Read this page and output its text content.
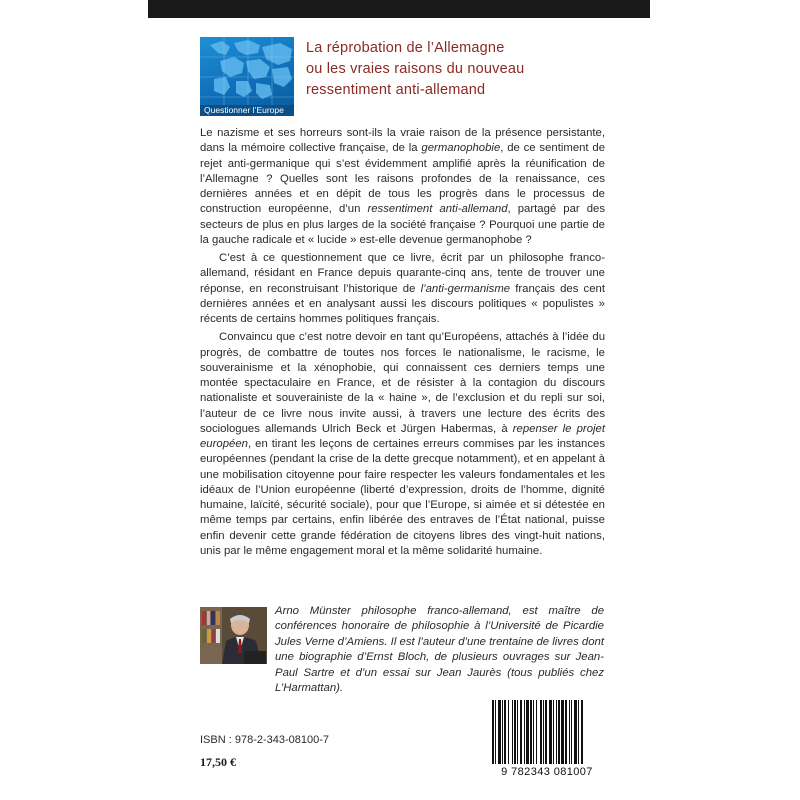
Questionner l’Europe
La réprobation de l’Allemagne
ou les vraies raisons du nouveau
ressentiment anti-allemand

Le nazisme et ses horreurs sont-ils la vraie raison de la présence persistante, dans la mémoire collective française, de la germanophobie, de ce sentiment de rejet anti-germanique qui s’est évidemment amplifié après la réunification de l’Allemagne ? Quelles sont les raisons profondes de la renaissance, ces dernières années et en dépit de tous les progrès dans le processus de construction européenne, d’un ressentiment anti-allemand, partagé par des secteurs de plus en plus larges de la société française ? Pourquoi une partie de la gauche radicale et « lucide » est-elle devenue germanophobe ?

C’est à ce questionnement que ce livre, écrit par un philosophe franco-allemand, résidant en France depuis quarante-cinq ans, tente de trouver une réponse, en reconstruisant l’historique de l’anti-germanisme français des cent dernières années et en analysant aussi les discours politiques « populistes » récents de certains hommes politiques français.

Convaincu que c’est notre devoir en tant qu’Européens, attachés à l’idée du progrès, de combattre de toutes nos forces le nationalisme, le racisme, le souverainisme et la xénophobie, qui connaissent ces derniers temps une montée spectaculaire en France, et de résister à la contagion du discours nationaliste et souverainiste de la « haine », de l’exclusion et du repli sur soi, l’auteur de ce livre nous invite aussi, à travers une lecture des écrits des sociologues allemands Ulrich Beck et Jürgen Habermas, à repenser le projet européen, en tirant les leçons de certaines erreurs commises par les instances européennes (pendant la crise de la dette grecque notamment), et en appelant à une mobilisation citoyenne pour faire respecter les valeurs fondamentales et les idéaux de l’Union européenne (liberté d’expression, droits de l’homme, dignité humaine, laïcité, sécurité sociale), pour que l’Europe, si aimée et si détestée en même temps par certains, enfin libérée des entraves de l’État national, puisse enfin devenir cette grande fédération de citoyens libres des vingt-huit nations, unis par le même engagement moral et la même solidarité humaine.

Arno Münster philosophe franco-allemand, est maître de conférences honoraire de philosophie à l’Université de Picardie Jules Verne d’Amiens. Il est l’auteur d’une trentaine de livres dont une biographie d’Ernst Bloch, de plusieurs ouvrages sur Jean-Paul Sartre et d’un essai sur Jean Jaurès (tous publiés chez L’Harmattan).
ISBN : 978-2-343-08100-7
17,50 €
9 782343 081007
